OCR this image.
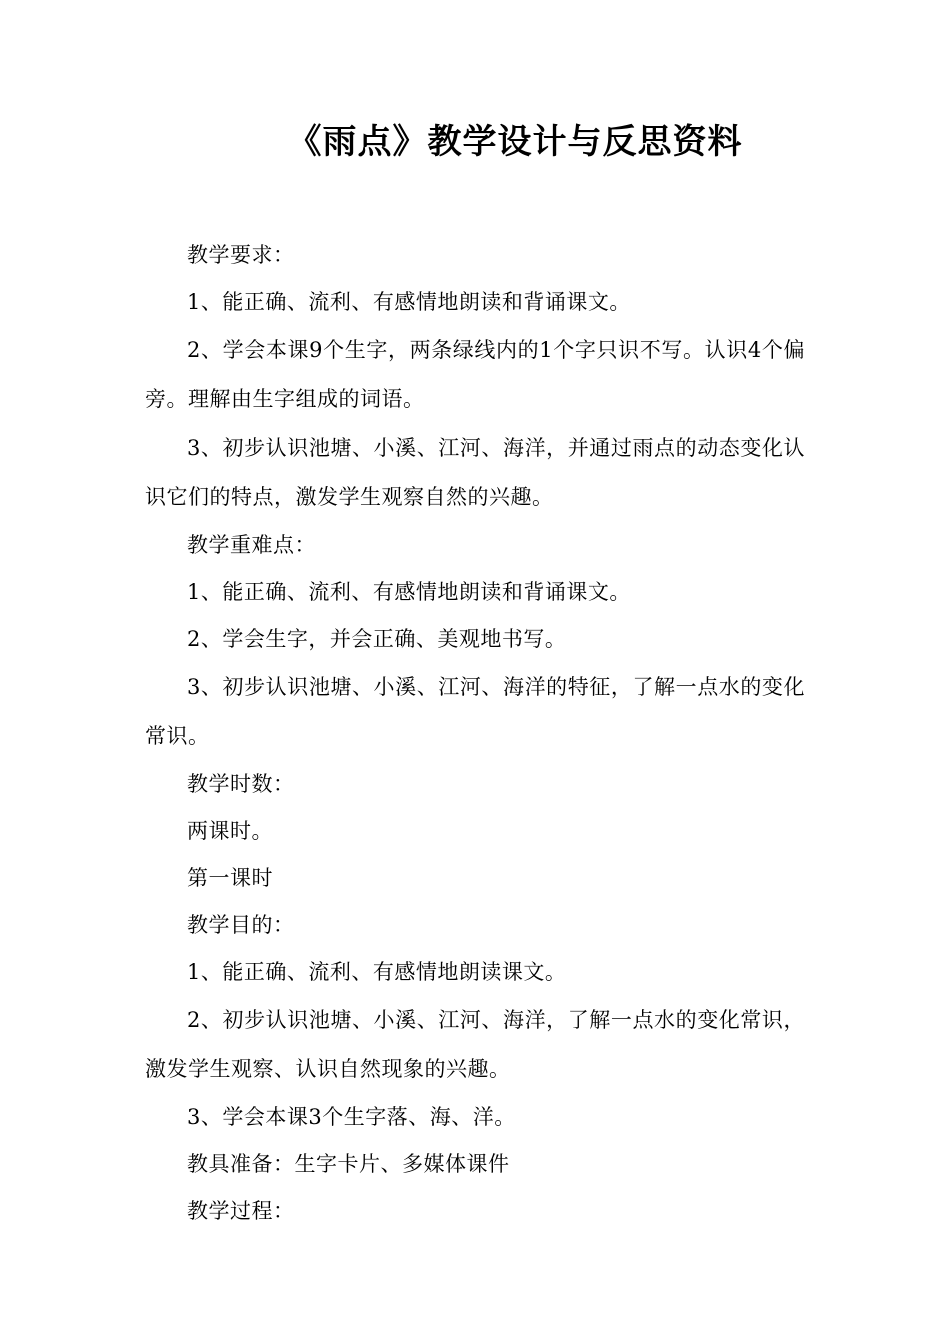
《雨点》教学设计与反思资料

教学要求：

1、能正确、流利、有感情地朗读和背诵课文。

2、学会本课9个生字，两条绿线内的1个字只识不写。认识4个偏旁。理解由生字组成的词语。

3、初步认识池塘、小溪、江河、海洋，并通过雨点的动态变化认识它们的特点，激发学生观察自然的兴趣。

教学重难点：

1、能正确、流利、有感情地朗读和背诵课文。

2、学会生字，并会正确、美观地书写。

3、初步认识池塘、小溪、江河、海洋的特征，了解一点水的变化常识。

教学时数：

两课时。

第一课时

教学目的：

1、能正确、流利、有感情地朗读课文。

2、初步认识池塘、小溪、江河、海洋，了解一点水的变化常识，激发学生观察、认识自然现象的兴趣。

3、学会本课3个生字落、海、洋。

教具准备：生字卡片、多媒体课件

教学过程：
